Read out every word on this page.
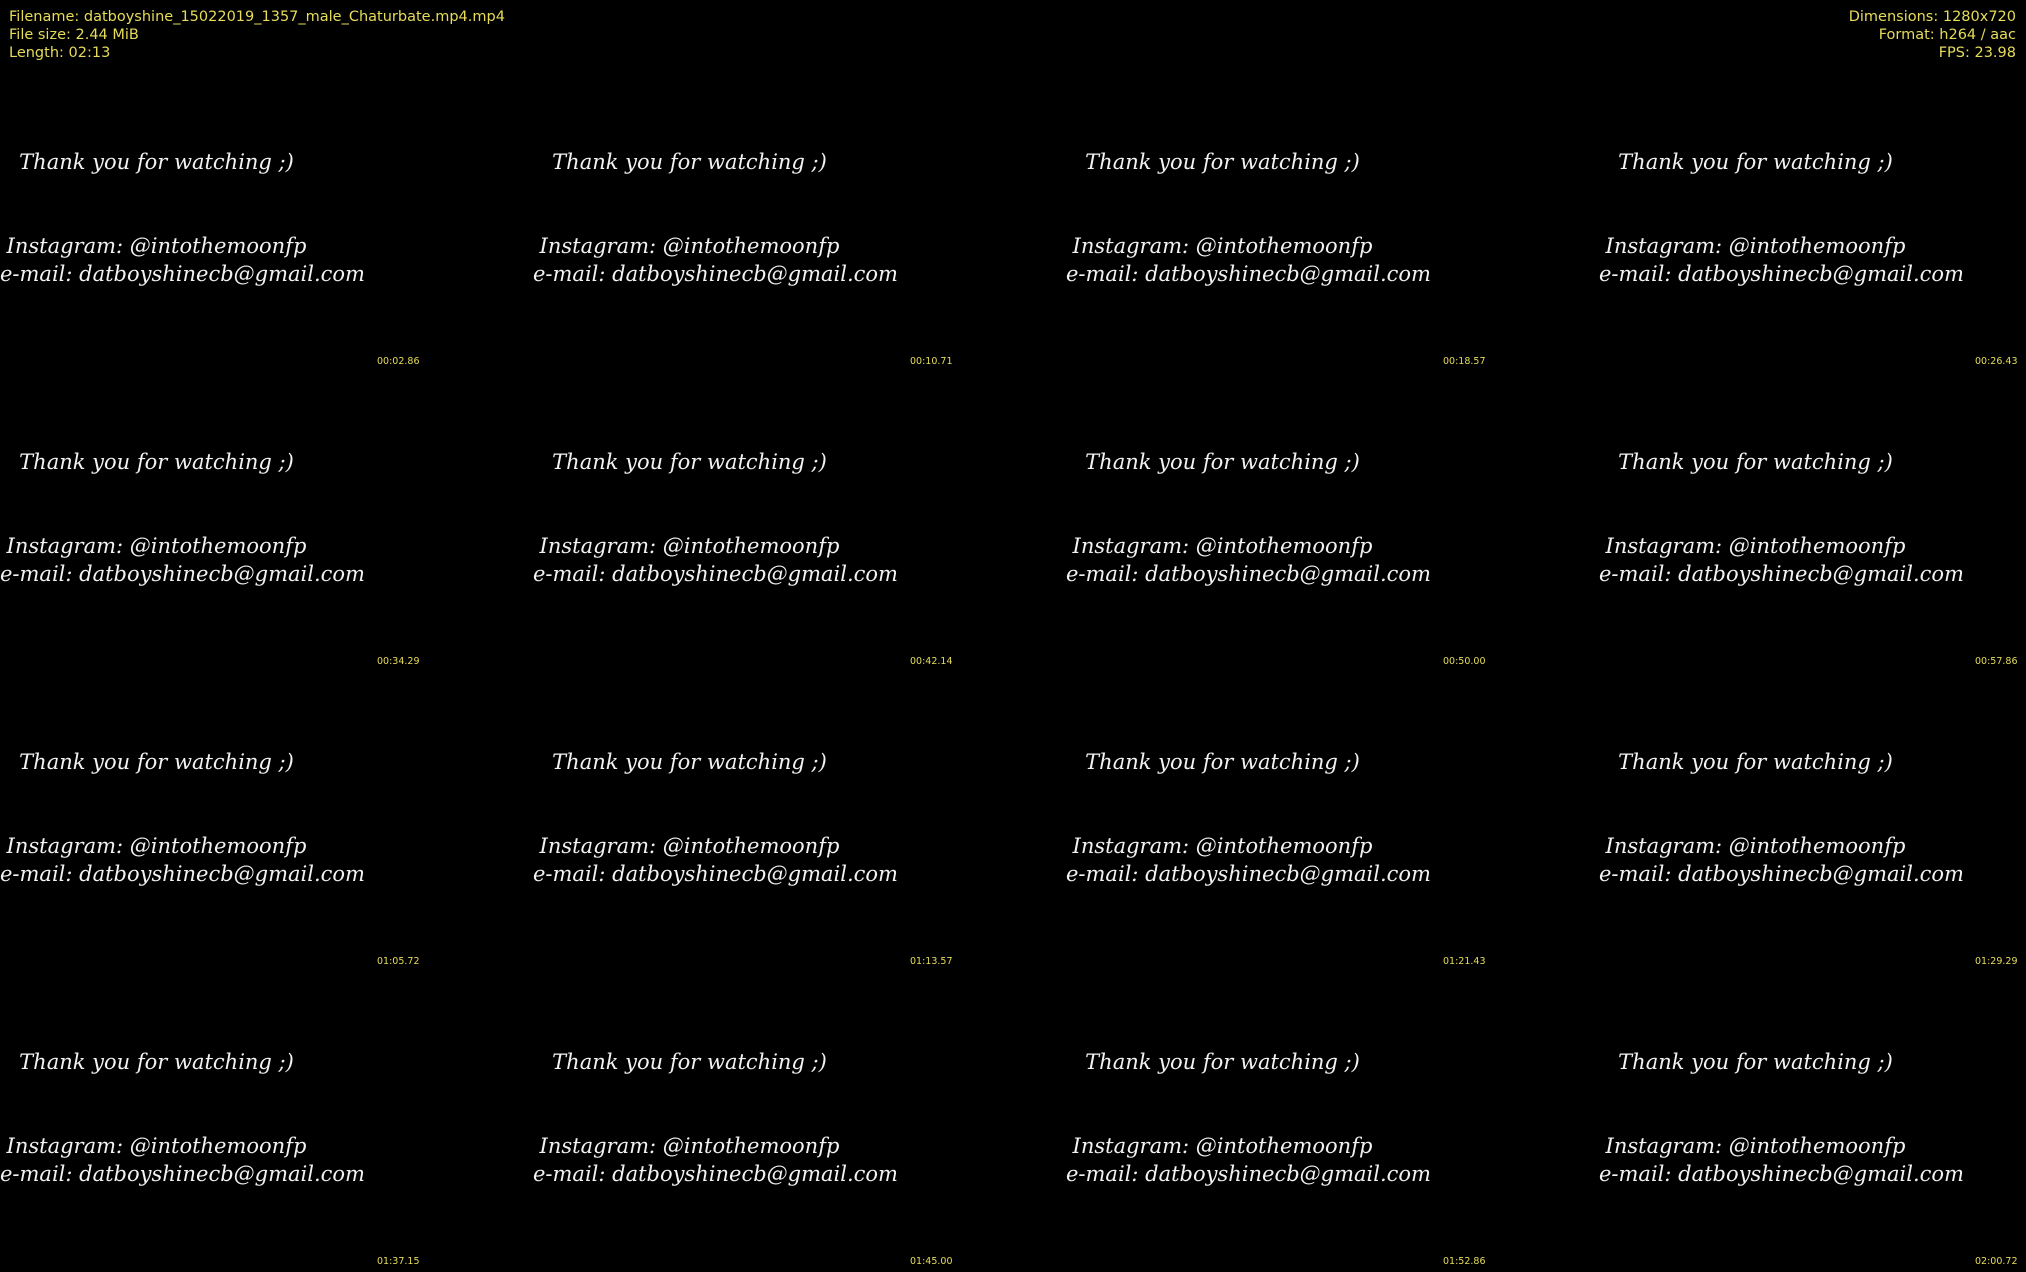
Filename: datboyshine_15022019_1357_male_Chaturbate.mp4.mp4
File size: 2.44 MiB
Length: 02:13
Dimensions: 1280x720
Format: h264 / aac
FPS: 23.98
Thank you for watching ;)
Instagram: @intothemoonfp
e-mail: datboyshinecb@gmail.com
00:02.86
Thank you for watching ;)
Instagram: @intothemoonfp
e-mail: datboyshinecb@gmail.com
00:10.71
Thank you for watching ;)
Instagram: @intothemoonfp
e-mail: datboyshinecb@gmail.com
00:18.57
Thank you for watching ;)
Instagram: @intothemoonfp
e-mail: datboyshinecb@gmail.com
00:26.43
Thank you for watching ;)
Instagram: @intothemoonfp
e-mail: datboyshinecb@gmail.com
00:34.29
Thank you for watching ;)
Instagram: @intothemoonfp
e-mail: datboyshinecb@gmail.com
00:42.14
Thank you for watching ;)
Instagram: @intothemoonfp
e-mail: datboyshinecb@gmail.com
00:50.00
Thank you for watching ;)
Instagram: @intothemoonfp
e-mail: datboyshinecb@gmail.com
00:57.86
Thank you for watching ;)
Instagram: @intothemoonfp
e-mail: datboyshinecb@gmail.com
01:05.72
Thank you for watching ;)
Instagram: @intothemoonfp
e-mail: datboyshinecb@gmail.com
01:13.57
Thank you for watching ;)
Instagram: @intothemoonfp
e-mail: datboyshinecb@gmail.com
01:21.43
Thank you for watching ;)
Instagram: @intothemoonfp
e-mail: datboyshinecb@gmail.com
01:29.29
Thank you for watching ;)
Instagram: @intothemoonfp
e-mail: datboyshinecb@gmail.com
01:37.15
Thank you for watching ;)
Instagram: @intothemoonfp
e-mail: datboyshinecb@gmail.com
01:45.00
Thank you for watching ;)
Instagram: @intothemoonfp
e-mail: datboyshinecb@gmail.com
01:52.86
Thank you for watching ;)
Instagram: @intothemoonfp
e-mail: datboyshinecb@gmail.com
02:00.72
